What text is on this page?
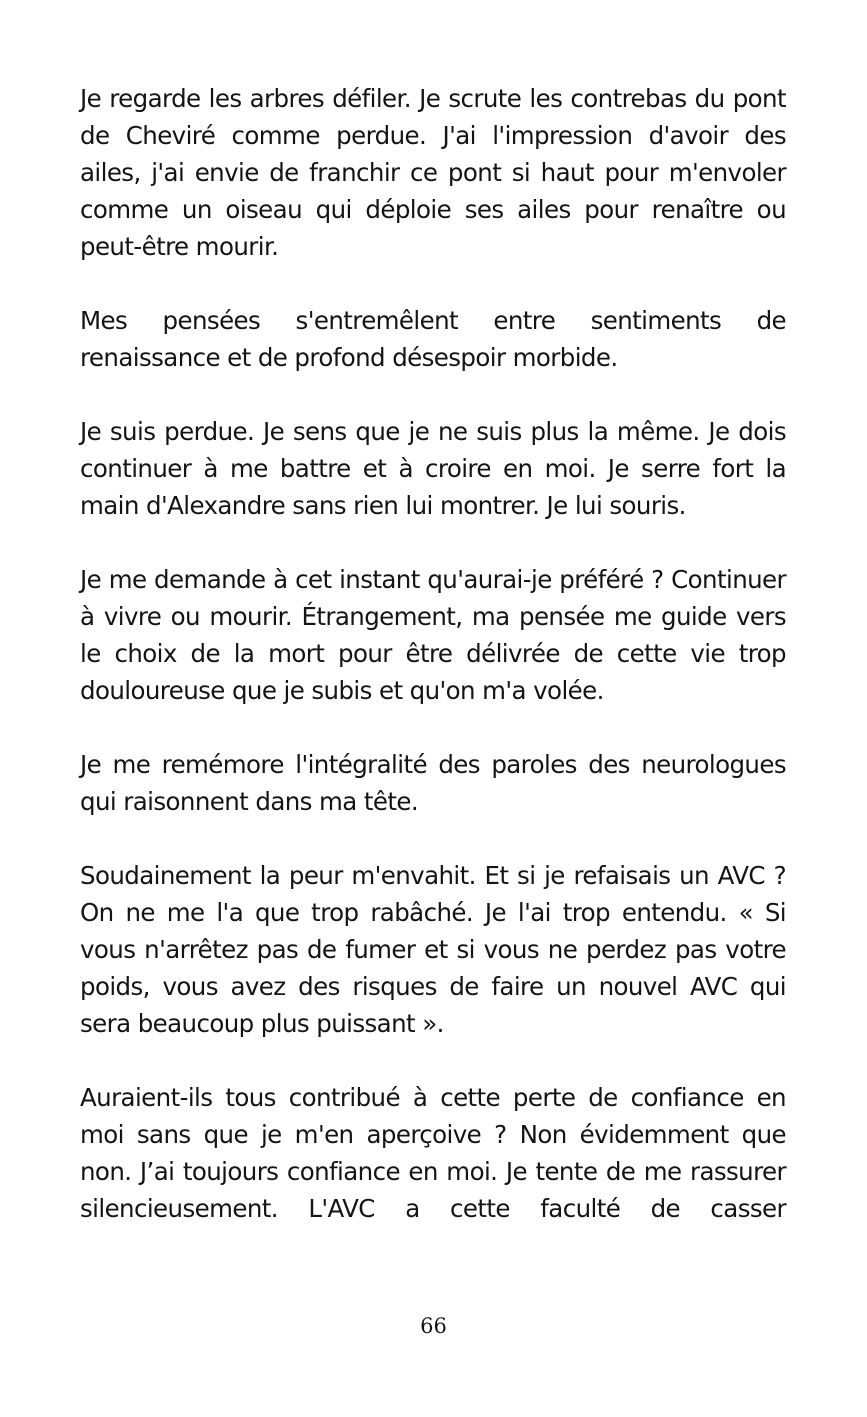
Je regarde les arbres défiler. Je scrute les contrebas du pont de Cheviré comme perdue. J'ai l'impression d'avoir des ailes, j'ai envie de franchir ce pont si haut pour m'envoler comme un oiseau qui déploie ses ailes pour renaître ou peut-être mourir.

Mes pensées s'entremêlent entre sentiments de renaissance et de profond désespoir morbide.

Je suis perdue. Je sens que je ne suis plus la même. Je dois continuer à me battre et à croire en moi. Je serre fort la main d'Alexandre sans rien lui montrer. Je lui souris.

Je me demande à cet instant qu'aurai-je préféré ? Continuer à vivre ou mourir. Étrangement, ma pensée me guide vers le choix de la mort pour être délivrée de cette vie trop douloureuse que je subis et qu'on m'a volée.

Je me remémore l'intégralité des paroles des neurologues qui raisonnent dans ma tête.

Soudainement la peur m'envahit. Et si je refaisais un AVC ? On ne me l'a que trop rabâché. Je l'ai trop entendu. « Si vous n'arrêtez pas de fumer et si vous ne perdez pas votre poids, vous avez des risques de faire un nouvel AVC qui sera beaucoup plus puissant ».

Auraient-ils tous contribué à cette perte de confiance en moi sans que je m'en aperçoive ? Non évidemment que non. J’ai toujours confiance en moi. Je tente de me rassurer silencieusement. L'AVC a cette faculté de casser

66
